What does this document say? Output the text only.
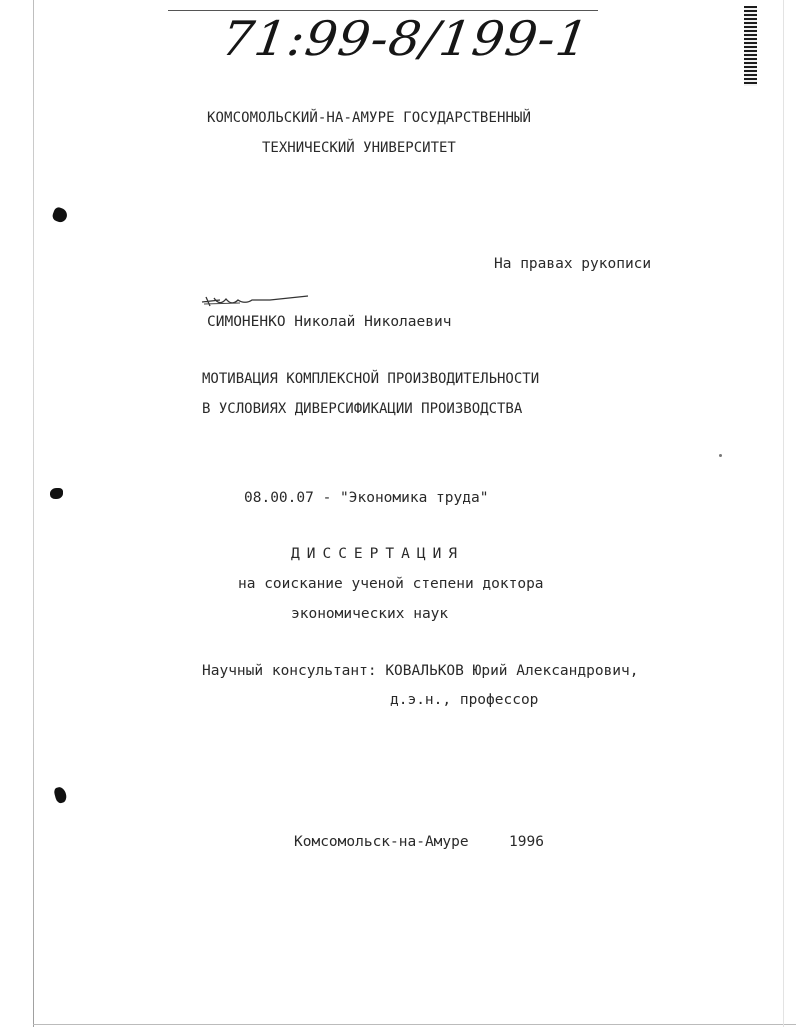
71:99-8/199-1
КОМСОМОЛЬСКИЙ-НА-АМУРЕ ГОСУДАРСТВЕННЫЙ
ТЕХНИЧЕСКИЙ УНИВЕРСИТЕТ
На правах рукописи
СИМОНЕНКО Николай Николаевич
МОТИВАЦИЯ КОМПЛЕКСНОЙ ПРОИЗВОДИТЕЛЬНОСТИ
В УСЛОВИЯХ ДИВЕРСИФИКАЦИИ ПРОИЗВОДСТВА
08.00.07 - "Экономика труда"
ДИССЕРТАЦИЯ
на соискание ученой степени доктора
экономических наук
Научный консультант: КОВАЛЬКОВ Юрий Александрович,
д.э.н., профессор
Комсомольск-на-Амуре	1996
